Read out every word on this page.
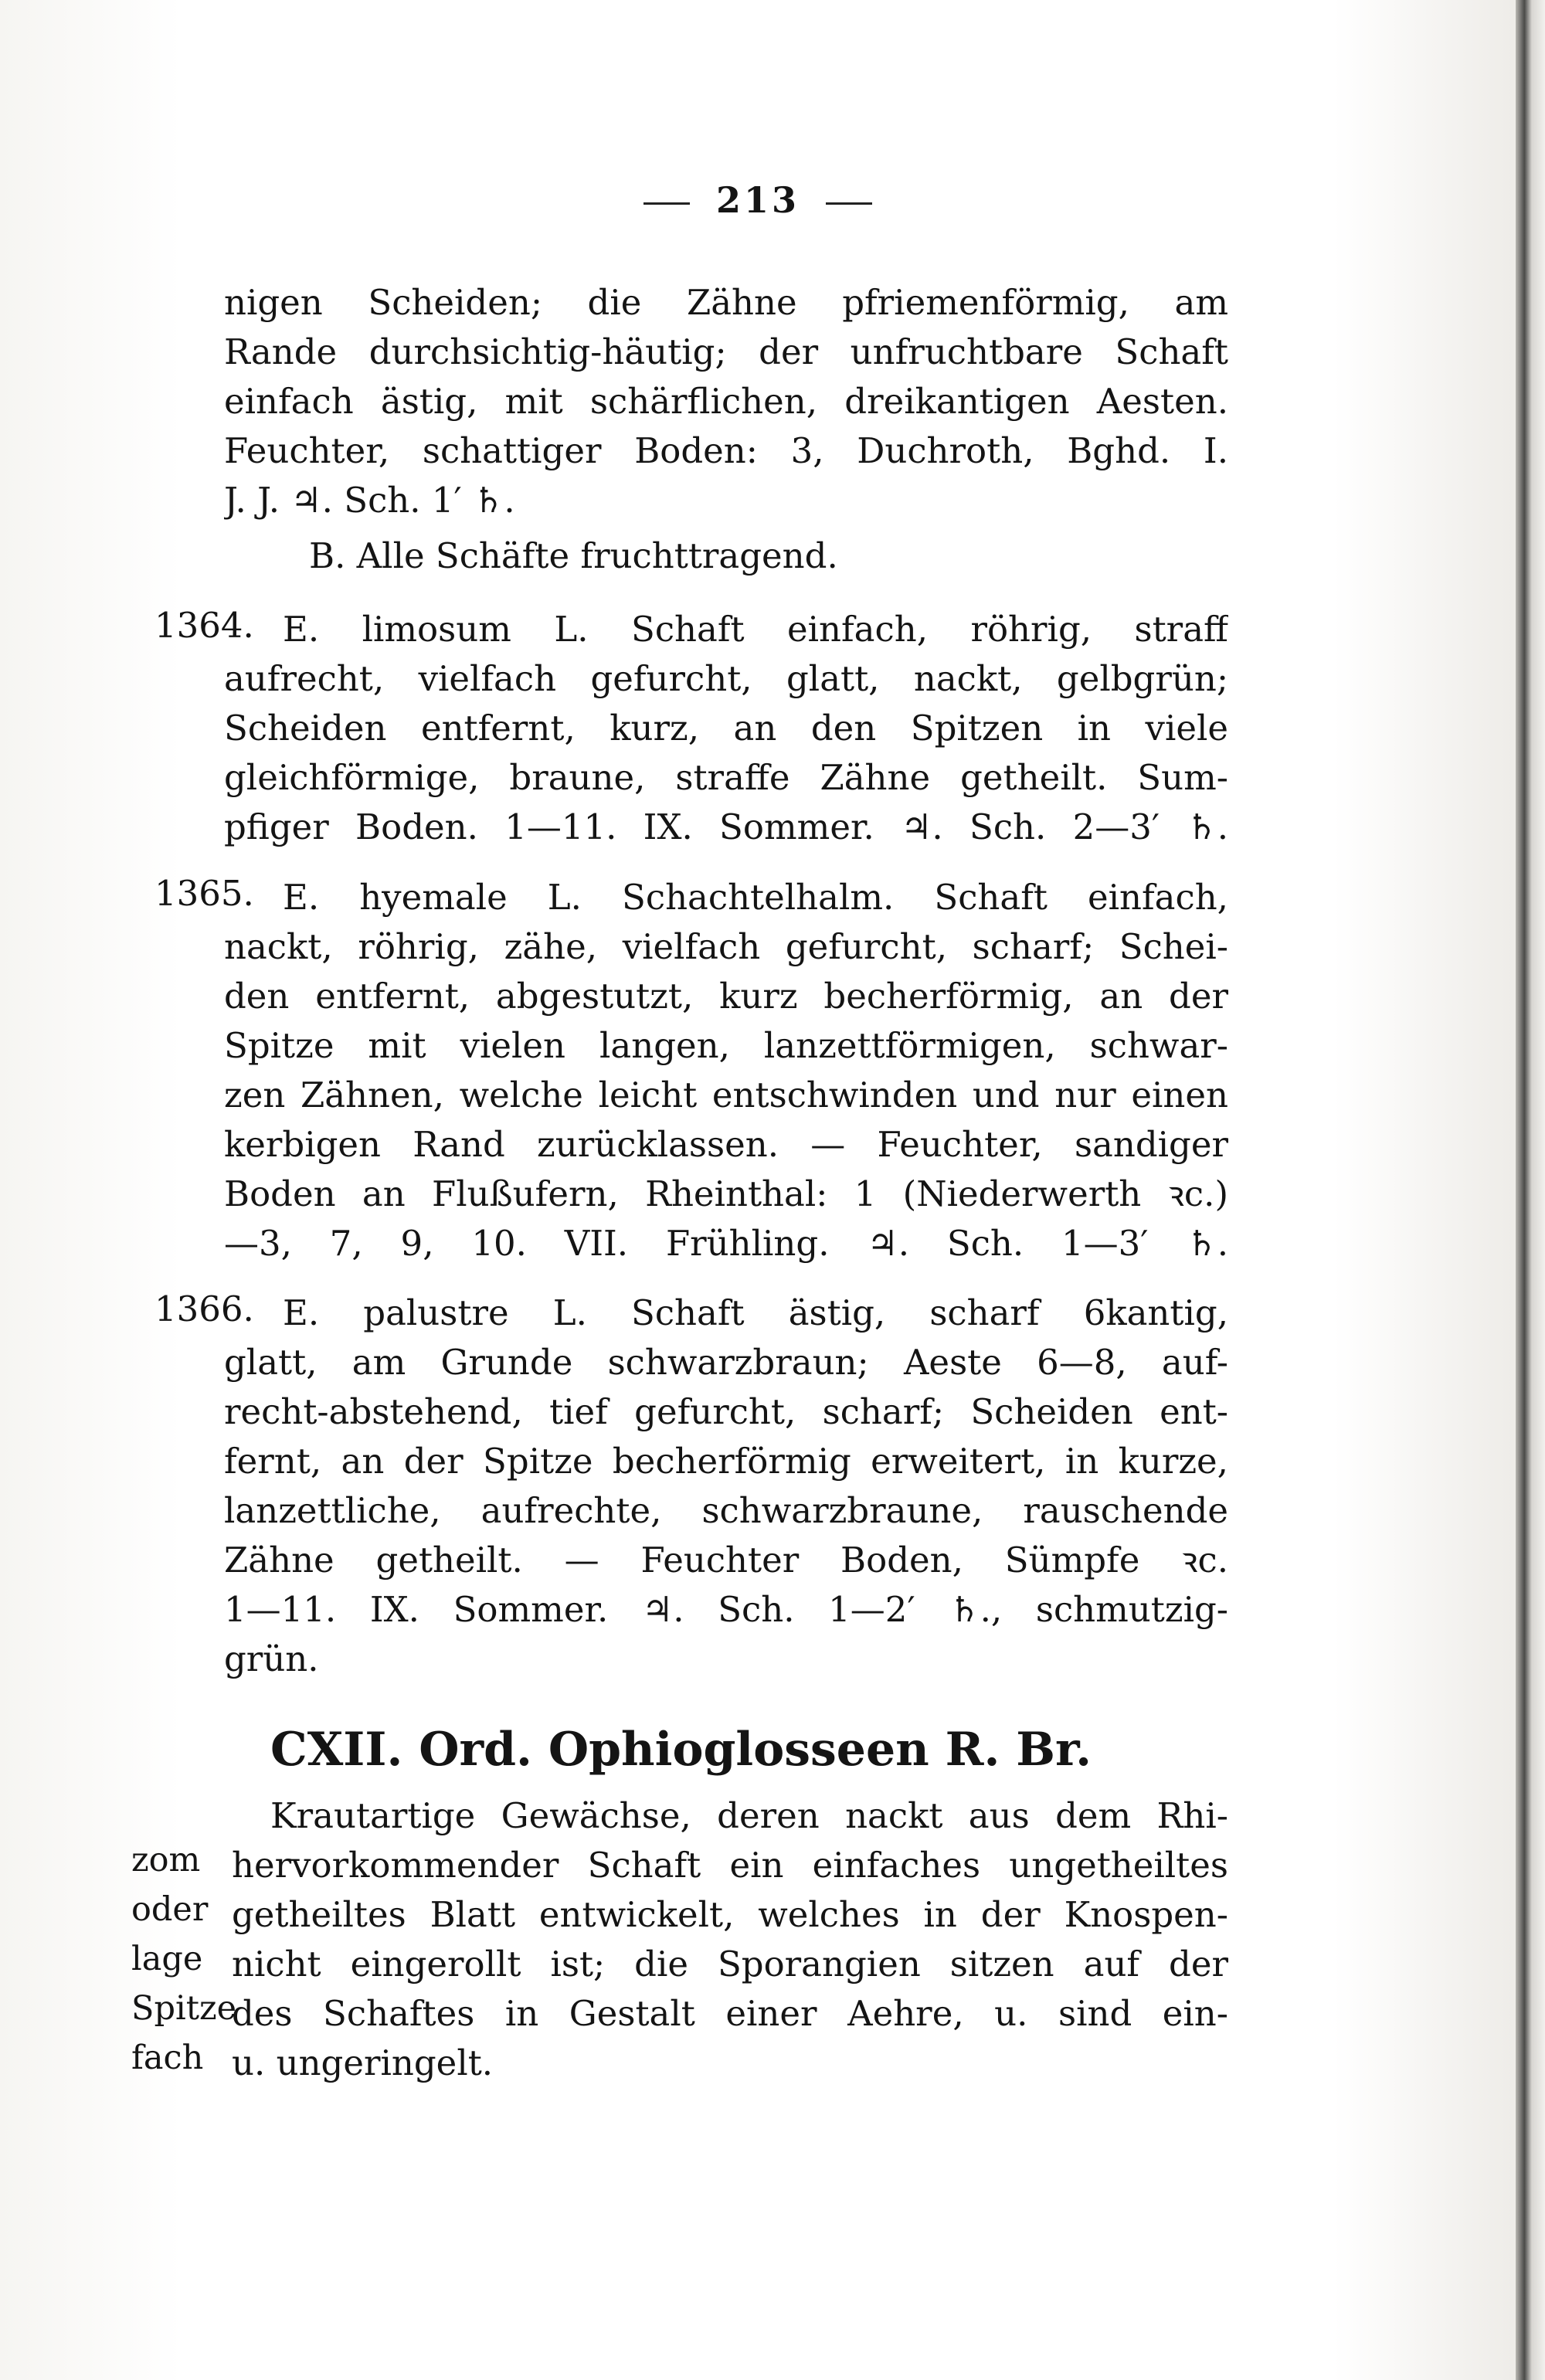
213
nigen Scheiden; die Zähne pfriemenförmig, am
Rande durchsichtig-häutig; der unfruchtbare Schaft
einfach ästig, mit schärflichen, dreikantigen Aesten.
Feuchter, schattiger Boden: 3, Duchroth, Bghd. I.
J. J. ♃. Sch. 1′ ♄.
B. Alle Schäfte fruchttragend.
1364. E. limosum L. Schaft einfach, röhrig, straff
aufrecht, vielfach gefurcht, glatt, nackt, gelbgrün;
Scheiden entfernt, kurz, an den Spitzen in viele
gleichförmige, braune, straffe Zähne getheilt. Sum-
pfiger Boden. 1—11. IX. Sommer. ♃. Sch. 2—3′ ♄.
1365. E. hyemale L. Schachtelhalm. Schaft einfach,
nackt, röhrig, zähe, vielfach gefurcht, scharf; Schei-
den entfernt, abgestutzt, kurz becherförmig, an der
Spitze mit vielen langen, lanzettförmigen, schwar-
zen Zähnen, welche leicht entschwinden und nur einen
kerbigen Rand zurücklassen. — Feuchter, sandiger
Boden an Flußufern, Rheinthal: 1 (Niederwerth ꝛc.)
—3, 7, 9, 10. VII. Frühling. ♃. Sch. 1—3′ ♄.
1366. E. palustre L. Schaft ästig, scharf 6kantig,
glatt, am Grunde schwarzbraun; Aeste 6—8, auf-
recht-abstehend, tief gefurcht, scharf; Scheiden ent-
fernt, an der Spitze becherförmig erweitert, in kurze,
lanzettliche, aufrechte, schwarzbraune, rauschende
Zähne getheilt. — Feuchter Boden, Sümpfe ꝛc.
1—11. IX. Sommer. ♃. Sch. 1—2′ ♄., schmutzig-
grün.
CXII. Ord. Ophioglosseen R. Br.
zom
oder
lage
Spitze
fach
Krautartige Gewächse, deren nackt aus dem Rhi-
hervorkommender Schaft ein einfaches ungetheiltes
getheiltes Blatt entwickelt, welches in der Knospen-
nicht eingerollt ist; die Sporangien sitzen auf der
des Schaftes in Gestalt einer Aehre, u. sind ein-
u. ungeringelt.
